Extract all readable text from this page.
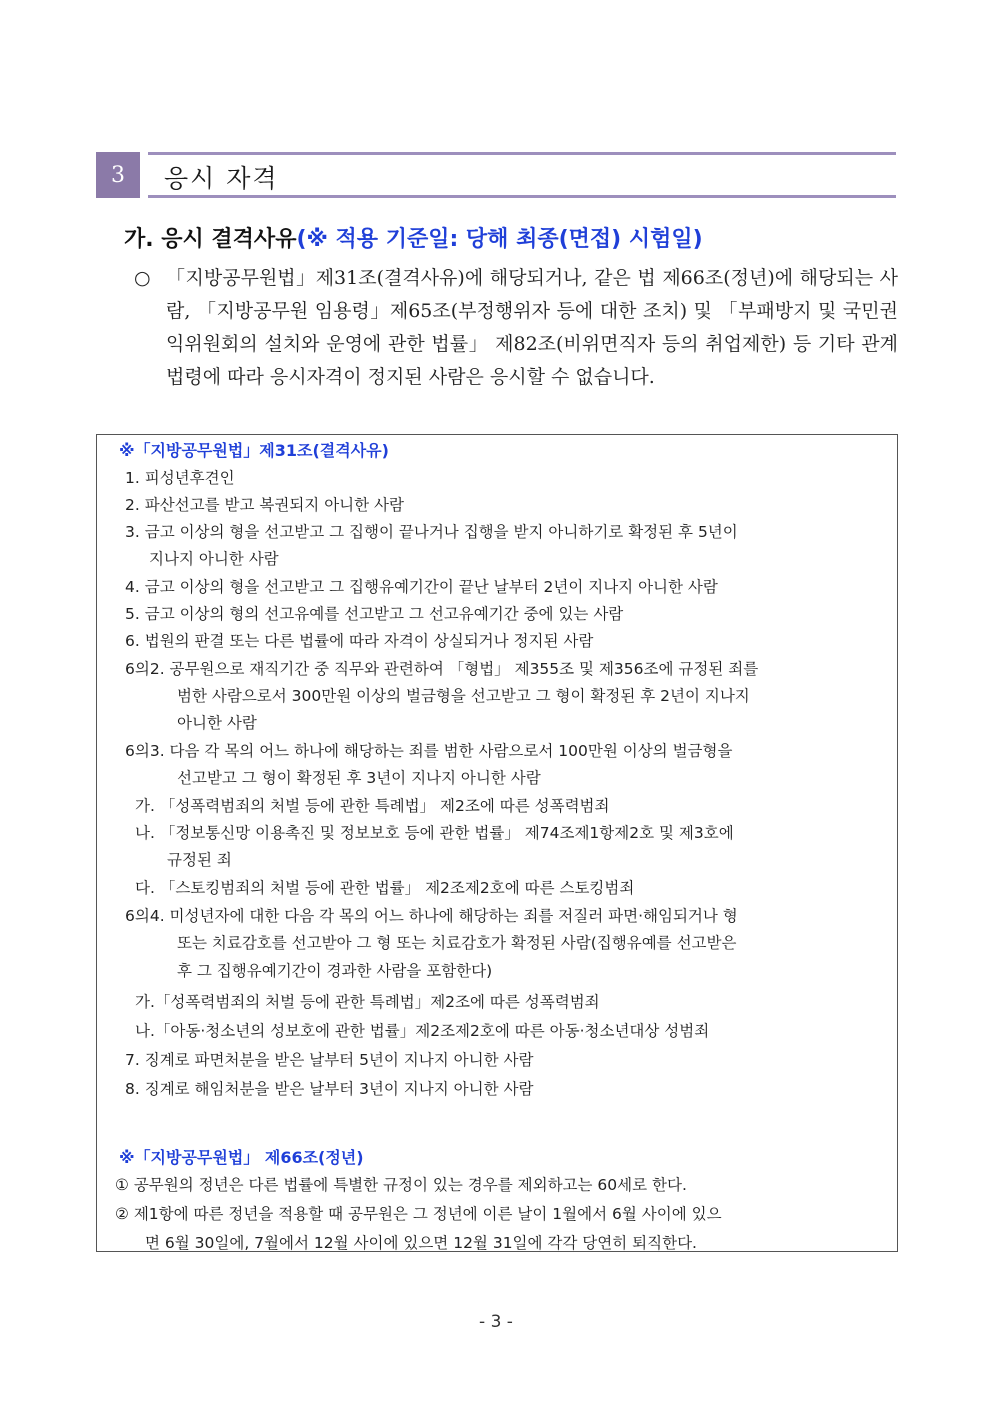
3	응시 자격
가. 응시 결격사유(※ 적용 기준일: 당해 최종(면접) 시험일)
○ 「지방공무원법」제31조(결격사유)에 해당되거나, 같은 법 제66조(정년)에 해당되는 사람, 「지방공무원 임용령」제65조(부정행위자 등에 대한 조치) 및 「부패방지 및 국민권익위원회의 설치와 운영에 관한 법률」 제82조(비위면직자 등의 취업제한) 등 기타 관계법령에 따라 응시자격이 정지된 사람은 응시할 수 없습니다.
※「지방공무원법」제31조(결격사유)
1. 피성년후견인
2. 파산선고를 받고 복권되지 아니한 사람
3. 금고 이상의 형을 선고받고 그 집행이 끝나거나 집행을 받지 아니하기로 확정된 후 5년이
지나지 아니한 사람
4. 금고 이상의 형을 선고받고 그 집행유예기간이 끝난 날부터 2년이 지나지 아니한 사람
5. 금고 이상의 형의 선고유예를 선고받고 그 선고유예기간 중에 있는 사람
6. 법원의 판결 또는 다른 법률에 따라 자격이 상실되거나 정지된 사람
6의2. 공무원으로 재직기간 중 직무와 관련하여 「형법」 제355조 및 제356조에 규정된 죄를
범한 사람으로서 300만원 이상의 벌금형을 선고받고 그 형이 확정된 후 2년이 지나지
아니한 사람
6의3. 다음 각 목의 어느 하나에 해당하는 죄를 범한 사람으로서 100만원 이상의 벌금형을
선고받고 그 형이 확정된 후 3년이 지나지 아니한 사람
가. 「성폭력범죄의 처벌 등에 관한 특례법」 제2조에 따른 성폭력범죄
나. 「정보통신망 이용촉진 및 정보보호 등에 관한 법률」 제74조제1항제2호 및 제3호에
규정된 죄
다. 「스토킹범죄의 처벌 등에 관한 법률」 제2조제2호에 따른 스토킹범죄
6의4. 미성년자에 대한 다음 각 목의 어느 하나에 해당하는 죄를 저질러 파면·해임되거나 형
또는 치료감호를 선고받아 그 형 또는 치료감호가 확정된 사람(집행유예를 선고받은
후 그 집행유예기간이 경과한 사람을 포함한다)
가.「성폭력범죄의 처벌 등에 관한 특례법」제2조에 따른 성폭력범죄
나.「아동·청소년의 성보호에 관한 법률」제2조제2호에 따른 아동·청소년대상 성범죄
7. 징계로 파면처분을 받은 날부터 5년이 지나지 아니한 사람
8. 징계로 해임처분을 받은 날부터 3년이 지나지 아니한 사람
※「지방공무원법」 제66조(정년)
① 공무원의 정년은 다른 법률에 특별한 규정이 있는 경우를 제외하고는 60세로 한다.
② 제1항에 따른 정년을 적용할 때 공무원은 그 정년에 이른 날이 1월에서 6월 사이에 있으
면 6월 30일에, 7월에서 12월 사이에 있으면 12월 31일에 각각 당연히 퇴직한다.
- 3 -
